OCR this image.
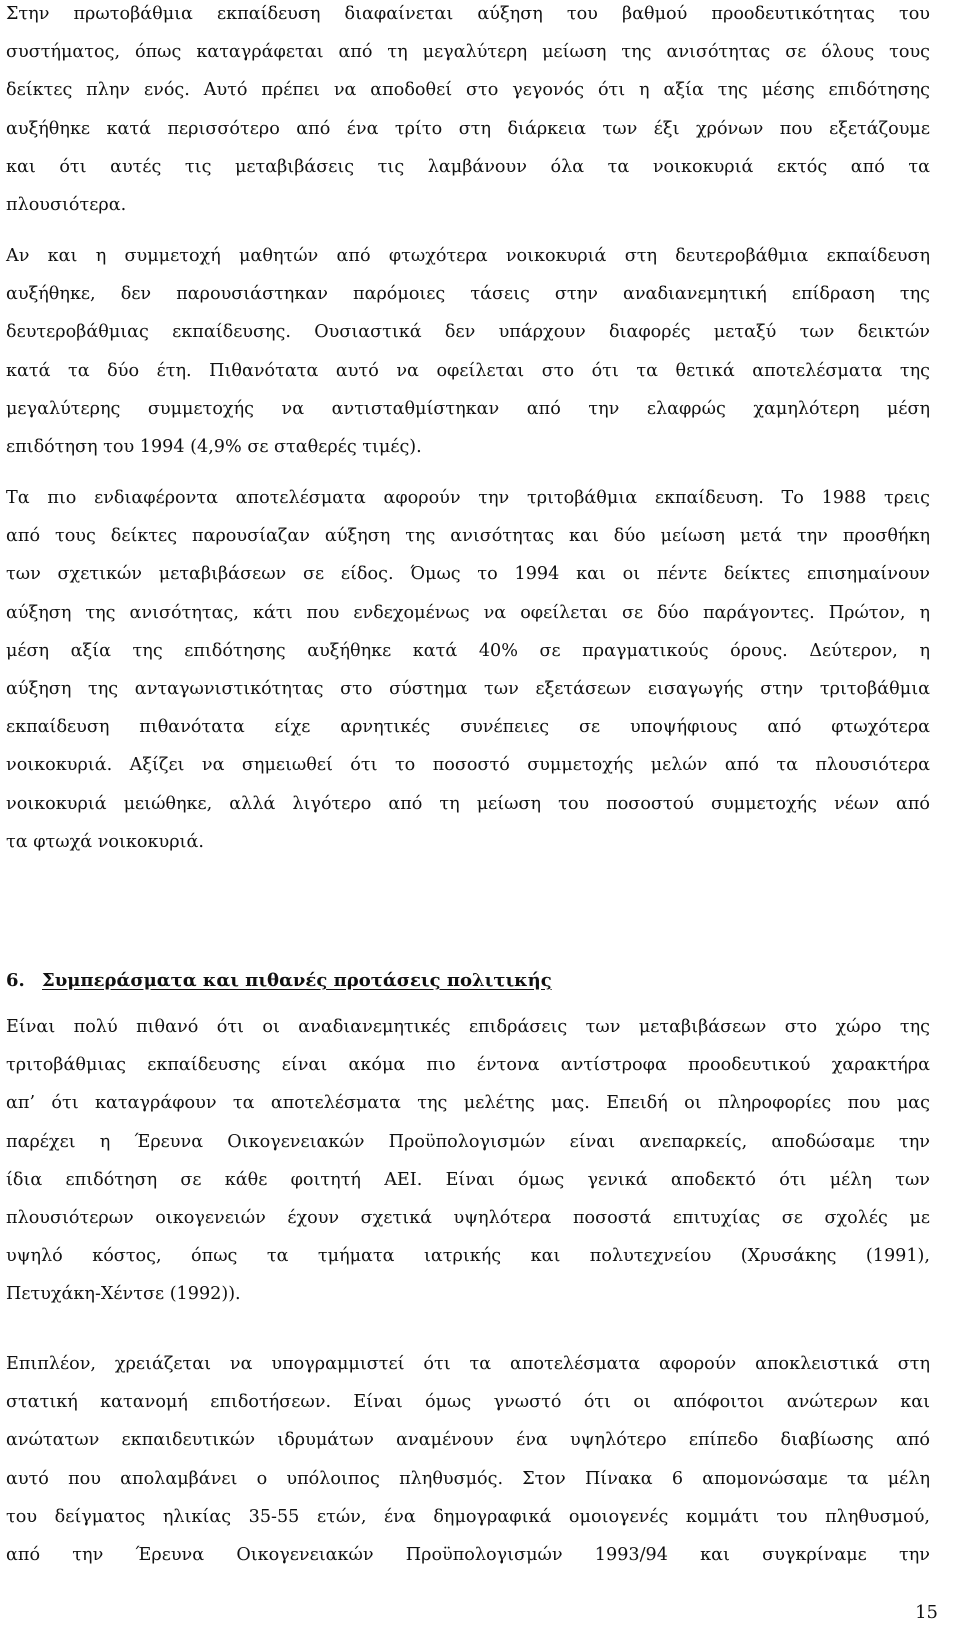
Στην πρωτοβάθμια εκπαίδευση διαφαίνεται αύξηση του βαθμού προοδευτικότητας του
συστήματος, όπως καταγράφεται από τη μεγαλύτερη μείωση της ανισότητας σε όλους τους
δείκτες πλην ενός. Αυτό πρέπει να αποδοθεί στο γεγονός ότι η αξία της μέσης επιδότησης
αυξήθηκε κατά περισσότερο από ένα τρίτο στη διάρκεια των έξι χρόνων που εξετάζουμε
και ότι αυτές τις μεταβιβάσεις τις λαμβάνουν όλα τα νοικοκυριά εκτός από τα
πλουσιότερα.
Αν και η συμμετοχή μαθητών από φτωχότερα νοικοκυριά στη δευτεροβάθμια εκπαίδευση
αυξήθηκε, δεν παρουσιάστηκαν παρόμοιες τάσεις στην αναδιανεμητική επίδραση της
δευτεροβάθμιας εκπαίδευσης. Ουσιαστικά δεν υπάρχουν διαφορές μεταξύ των δεικτών
κατά τα δύο έτη. Πιθανότατα αυτό να οφείλεται στο ότι τα θετικά αποτελέσματα της
μεγαλύτερης συμμετοχής να αντισταθμίστηκαν από την ελαφρώς χαμηλότερη μέση
επιδότηση του 1994 (4,9% σε σταθερές τιμές).
Τα πιο ενδιαφέροντα αποτελέσματα αφορούν την τριτοβάθμια εκπαίδευση. Το 1988 τρεις
από τους δείκτες παρουσίαζαν αύξηση της ανισότητας και δύο μείωση μετά την προσθήκη
των σχετικών μεταβιβάσεων σε είδος. Όμως το 1994 και οι πέντε δείκτες επισημαίνουν
αύξηση της ανισότητας, κάτι που ενδεχομένως να οφείλεται σε δύο παράγοντες. Πρώτον, η
μέση αξία της επιδότησης αυξήθηκε κατά 40% σε πραγματικούς όρους. Δεύτερον, η
αύξηση της ανταγωνιστικότητας στο σύστημα των εξετάσεων εισαγωγής στην τριτοβάθμια
εκπαίδευση πιθανότατα είχε αρνητικές συνέπειες σε υποψήφιους από φτωχότερα
νοικοκυριά. Αξίζει να σημειωθεί ότι το ποσοστό συμμετοχής μελών από τα πλουσιότερα
νοικοκυριά μειώθηκε, αλλά λιγότερο από τη μείωση του ποσοστού συμμετοχής νέων από
τα φτωχά νοικοκυριά.
6. Συμπεράσματα και πιθανές προτάσεις πολιτικής
Είναι πολύ πιθανό ότι οι αναδιανεμητικές επιδράσεις των μεταβιβάσεων στο χώρο της
τριτοβάθμιας εκπαίδευσης είναι ακόμα πιο έντονα αντίστροφα προοδευτικού χαρακτήρα
απ’ ότι καταγράφουν τα αποτελέσματα της μελέτης μας. Επειδή οι πληροφορίες που μας
παρέχει η Έρευνα Οικογενειακών Προϋπολογισμών είναι ανεπαρκείς, αποδώσαμε την
ίδια επιδότηση σε κάθε φοιτητή ΑΕΙ. Είναι όμως γενικά αποδεκτό ότι μέλη των
πλουσιότερων οικογενειών έχουν σχετικά υψηλότερα ποσοστά επιτυχίας σε σχολές με
υψηλό κόστος, όπως τα τμήματα ιατρικής και πολυτεχνείου (Χρυσάκης (1991),
Πετυχάκη-Χέντσε (1992)).
Επιπλέον, χρειάζεται να υπογραμμιστεί ότι τα αποτελέσματα αφορούν αποκλειστικά στη
στατική κατανομή επιδοτήσεων. Είναι όμως γνωστό ότι οι απόφοιτοι ανώτερων και
ανώτατων εκπαιδευτικών ιδρυμάτων αναμένουν ένα υψηλότερο επίπεδο διαβίωσης από
αυτό που απολαμβάνει ο υπόλοιπος πληθυσμός. Στον Πίνακα 6 απομονώσαμε τα μέλη
του δείγματος ηλικίας 35-55 ετών, ένα δημογραφικά ομοιογενές κομμάτι του πληθυσμού,
από την Έρευνα Οικογενειακών Προϋπολογισμών 1993/94 και συγκρίναμε την
15
